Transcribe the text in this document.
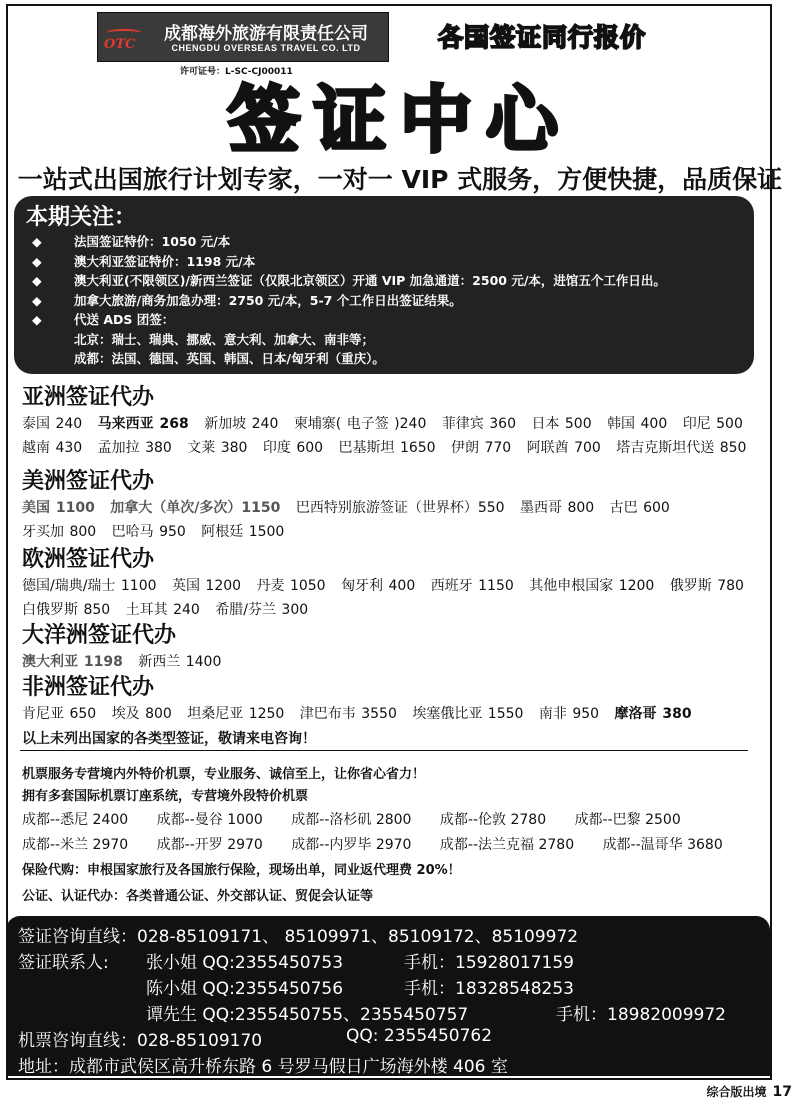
OTC
成都海外旅游有限责任公司
CHENGDU OVERSEAS TRAVEL CO. LTD
许可证号：L-SC-CJ00011
各国签证同行报价
签证中心
一站式出国旅行计划专家，一对一 VIP 式服务，方便快捷，品质保证
本期关注：
◆	法国签证特价：1050 元/本
◆	澳大利亚签证特价：1198 元/本
◆	澳大利亚(不限领区)/新西兰签证（仅限北京领区）开通 VIP 加急通道：2500 元/本，进馆五个工作日出。
◆	加拿大旅游/商务加急办理：2750 元/本，5-7 个工作日出签证结果。
◆	代送 ADS 团签：
北京：瑞士、瑞典、挪威、意大利、加拿大、南非等；
成都：法国、德国、英国、韩国、日本/匈牙利（重庆）。
亚洲签证代办
泰国 240 马来西亚 268 新加坡 240 柬埔寨( 电子签 )240 菲律宾 360 日本 500 韩国 400 印尼 500 越南 430 孟加拉 380 文莱 380 印度 600 巴基斯坦 1650 伊朗 770 阿联酋 700 塔吉克斯坦代送 850
美洲签证代办
美国 1100 加拿大（单次/多次）1150 巴西特别旅游签证（世界杯）550 墨西哥 800 古巴 600 牙买加 800 巴哈马 950 阿根廷 1500
欧洲签证代办
德国/瑞典/瑞士 1100 英国 1200 丹麦 1050 匈牙利 400 西班牙 1150 其他申根国家 1200 俄罗斯 780 白俄罗斯 850 土耳其 240 希腊/芬兰 300
大洋洲签证代办
澳大利亚 1198 新西兰 1400
非洲签证代办
肯尼亚 650 埃及 800 坦桑尼亚 1250 津巴布韦 3550 埃塞俄比亚 1550 南非 950 摩洛哥 380
以上未列出国家的各类型签证，敬请来电咨询！
机票服务专营境内外特价机票，专业服务、诚信至上，让你省心省力！
拥有多套国际机票订座系统，专营境外段特价机票
成都--悉尼 2400 成都--曼谷 1000 成都--洛杉矶 2800 成都--伦敦 2780 成都--巴黎 2500 成都--米兰 2970 成都--开罗 2970 成都--内罗毕 2970 成都--法兰克福 2780 成都--温哥华 3680
保险代购：申根国家旅行及各国旅行保险，现场出单，同业返代理费 20%！
公证、认证代办：各类普通公证、外交部认证、贸促会认证等
签证咨询直线：028-85109171、 85109971、85109172、85109972
签证联系人: 张小姐 QQ:2355450753	手机：15928017159
陈小姐 QQ:2355450756	手机：18328548253
谭先生 QQ:2355450755、2355450757	手机：18982009972
机票咨询直线：028-85109170	QQ: 2355450762
地址：成都市武侯区高升桥东路 6 号罗马假日广场海外楼 406 室
综合版出境 17
